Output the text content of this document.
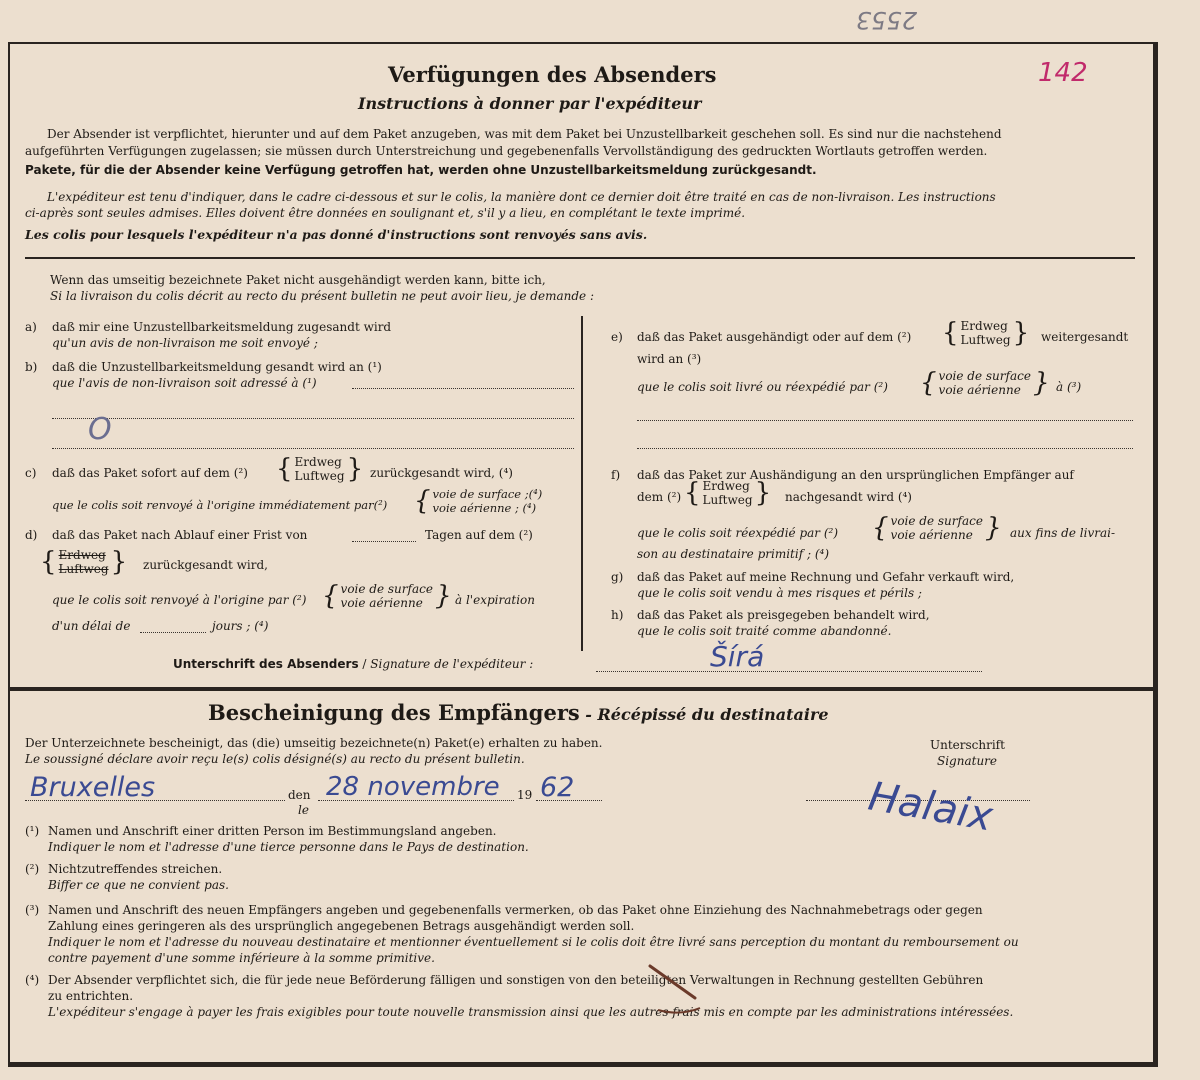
2553
142
Verfügungen des Absenders
Instructions à donner par l'expéditeur
Der Absender ist verpflichtet, hierunter und auf dem Paket anzugeben, was mit dem Paket bei Unzustellbarkeit geschehen soll. Es sind nur die nachstehend
aufgeführten Verfügungen zugelassen; sie müssen durch Unterstreichung und gegebenenfalls Vervollständigung des gedruckten Wortlauts getroffen werden.
Pakete, für die der Absender keine Verfügung getroffen hat, werden ohne Unzustellbarkeitsmeldung zurückgesandt.
L'expéditeur est tenu d'indiquer, dans le cadre ci-dessous et sur le colis, la manière dont ce dernier doit être traité en cas de non-livraison. Les instructions
ci-après sont seules admises. Elles doivent être données en soulignant et, s'il y a lieu, en complétant le texte imprimé.
Les colis pour lesquels l'expéditeur n'a pas donné d'instructions sont renvoyés sans avis.
Wenn das umseitig bezeichnete Paket nicht ausgehändigt werden kann, bitte ich,
Si la livraison du colis décrit au recto du présent bulletin ne peut avoir lieu, je demande :
a) daß mir eine Unzustellbarkeitsmeldung zugesandt wird
qu'un avis de non-livraison me soit envoyé ;
b) daß die Unzustellbarkeitsmeldung gesandt wird an (¹)
que l'avis de non-livraison soit adressé à (¹)
O
c) daß das Paket sofort auf dem (²) { Erdweg
Luftweg } zurückgesandt wird, (⁴)
que le colis soit renvoyé à l'origine immédiatement par(²) { voie de surface ;(⁴)
voie aérienne ; (⁴)
d) daß das Paket nach Ablauf einer Frist von	Tagen auf dem (²)
{ Erdweg
Luftweg } zurückgesandt wird,
que le colis soit renvoyé à l'origine par (²) { voie de surface
voie aérienne } à l'expiration
d'un délai de	jours ; (⁴)
e) daß das Paket ausgehändigt oder auf dem (²) { Erdweg
Luftweg } weitergesandt
wird an (³)
que le colis soit livré ou réexpédié par (²) { voie de surface
voie aérienne } à (³)
f) daß das Paket zur Aushändigung an den ursprünglichen Empfänger auf
dem (²) { Erdweg
Luftweg } nachgesandt wird (⁴)
que le colis soit réexpédié par (²) { voie de surface
voie aérienne } aux fins de livrai-
son au destinataire primitif ; (⁴)
g) daß das Paket auf meine Rechnung und Gefahr verkauft wird,
que le colis soit vendu à mes risques et périls ;
h) daß das Paket als preisgegeben behandelt wird,
que le colis soit traité comme abandonné.
Unterschrift des Absenders / Signature de l'expéditeur :	Šírá
Bescheinigung des Empfängers - Récépissé du destinataire
Der Unterzeichnete bescheinigt, das (die) umseitig bezeichnete(n) Paket(e) erhalten zu haben.
Le soussigné déclare avoir reçu le(s) colis désigné(s) au recto du présent bulletin.
Unterschrift
Signature
Bruxelles	den
le
28 novembre 19 62	Halaix
(¹) Namen und Anschrift einer dritten Person im Bestimmungsland angeben.
Indiquer le nom et l'adresse d'une tierce personne dans le Pays de destination.
(²) Nichtzutreffendes streichen.
Biffer ce que ne convient pas.
(³) Namen und Anschrift des neuen Empfängers angeben und gegebenenfalls vermerken, ob das Paket ohne Einziehung des Nachnahmebetrags oder gegen
Zahlung eines geringeren als des ursprünglich angegebenen Betrags ausgehändigt werden soll.
Indiquer le nom et l'adresse du nouveau destinataire et mentionner éventuellement si le colis doit être livré sans perception du montant du remboursement ou
contre payement d'une somme inférieure à la somme primitive.
(⁴) Der Absender verpflichtet sich, die für jede neue Beförderung fälligen und sonstigen von den beteiligten Verwaltungen in Rechnung gestellten Gebühren
zu entrichten.
L'expéditeur s'engage à payer les frais exigibles pour toute nouvelle transmission ainsi que les autres frais mis en compte par les administrations intéressées.
